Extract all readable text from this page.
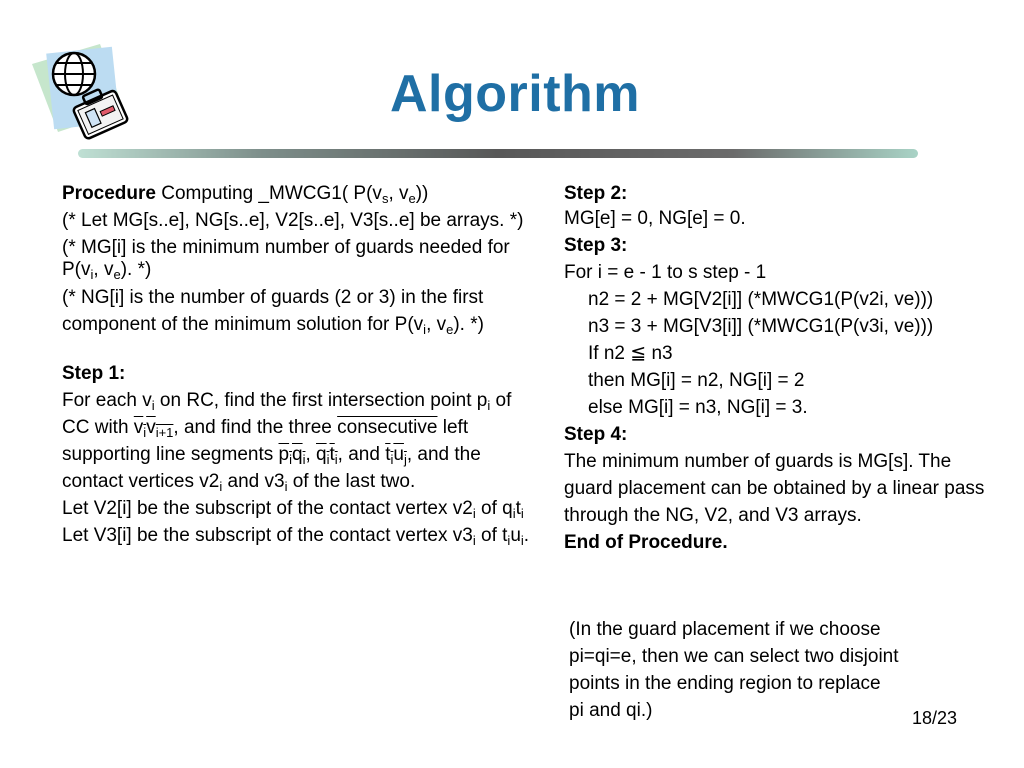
Algorithm

Procedure Computing _MWCG1( $P(v_s$, $v_e$))

(* Let MG[s..e], NG[s..e], V2[s..e], V3[s..e] be arrays. *)

(* MG[i] is the minimum number of guards needed for $P(v_i$, $v_e$). *)

(* NG[i] is the number of guards (2 or 3) in the first component of the minimum solution for $P(v_i$, $v_e$). *)

Step 1:

For each $v_i$ on RC, find the first intersection point $p_i$ of CC with $v_iv_{i+1}$, and find the three consecutive left supporting line segments $p_iq_i$, $q_it_i$, and $t_iu_j$, and the contact vertices $v2_i$ and $v3_i$ of the last two.

Let V2[i] be the subscript of the contact vertex $v2_i$ of $q_it_i$

Let V3[i] be the subscript of the contact vertex $v3_i$ of $t_iu_i$.

Step 2:

MG[e] = 0, NG[e] = 0.

Step 3:

For i = e - 1 to s step - 1

n2 = 2 + MG[V2[i]] (*MWCG1(P(v2i, ve)))

n3 = 3 + MG[V3[i]] (*MWCG1(P(v3i, ve)))

If n2 ≦ n3

then MG[i] = n2, NG[i] = 2

else MG[i] = n3, NG[i] = 3.

Step 4:

The minimum number of guards is MG[s]. The guard placement can be obtained by a linear pass through the NG, V2, and V3 arrays.

End of Procedure.

(In the guard placement if we choose pi=qi=e, then we can select two disjoint points in the ending region to replace pi and qi.)	18/23
